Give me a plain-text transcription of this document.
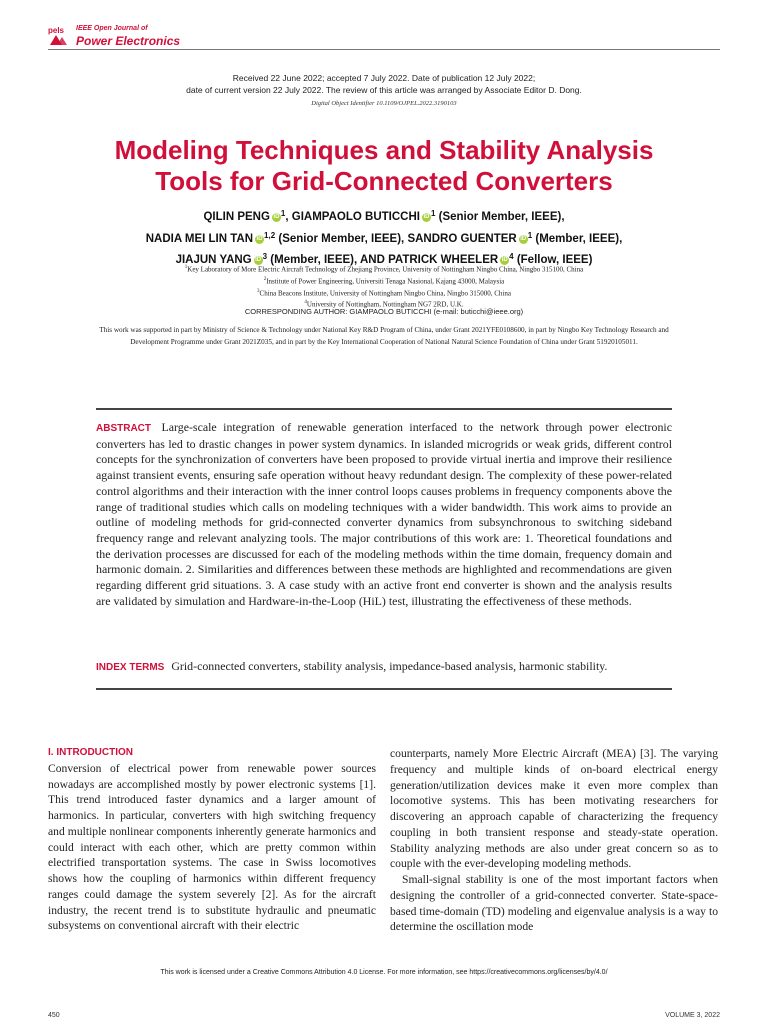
pels IEEE Open Journal of
Power Electronics
Received 22 June 2022; accepted 7 July 2022. Date of publication 12 July 2022;
date of current version 22 July 2022. The review of this article was arranged by Associate Editor D. Dong.
Digital Object Identifier 10.1109/OJPEL.2022.3190103
Modeling Techniques and Stability Analysis
Tools for Grid-Connected Converters
QILIN PENG iD $^1$, GIAMPAOLO BUTICCHI iD $^1$ (Senior Member, IEEE),
NADIA MEI LIN TAN iD $^{1,2}$ (Senior Member, IEEE), SANDRO GUENTER iD $^1$ (Member, IEEE),
JIAJUN YANG iD $^3$ (Member, IEEE), AND PATRICK WHEELER iD $^4$ (Fellow, IEEE)
$^1$Key Laboratory of More Electric Aircraft Technology of Zhejiang Province, University of Nottingham Ningbo China, Ningbo 315100, China
$^2$Institute of Power Engineering, Universiti Tenaga Nasional, Kajang 43000, Malaysia
$^3$China Beacons Institute, University of Nottingham Ningbo China, Ningbo 315000, China
$^4$University of Nottingham, Nottingham NG7 2RD, U.K.
CORRESPONDING AUTHOR: GIAMPAOLO BUTICCHI (e-mail: buticchi@ieee.org)
This work was supported in part by Ministry of Science & Technology under National Key R&D Program of China, under Grant 2021YFE0108600, in part by Ningbo Key Technology Research and Development Programme under Grant 2021Z035, and in part by the Key International Cooperation of National Natural Science Foundation of China under Grant 51920105011.
ABSTRACT Large-scale integration of renewable generation interfaced to the network through power electronic converters has led to drastic changes in power system dynamics. In islanded microgrids or weak grids, different control concepts for the synchronization of converters have been proposed to provide virtual inertia and improve their resilience against transient events, ensuring safe operation without heavy redundant design. The complexity of these power-related control algorithms and their interaction with the inner control loops causes problems in frequency components above the range of traditional studies which calls on modeling techniques with a wider bandwidth. This work aims to provide an outline of modeling methods for grid-connected converter dynamics from subsynchronous to switching sideband frequency range and relevant analyzing tools. The major contributions of this work are: 1. Theoretical foundations and the derivation processes are discussed for each of the modeling methods within the time domain, frequency domain and harmonic domain. 2. Similarities and differences between these methods are highlighted and recommendations are given regarding different grid situations. 3. A case study with an active front end converter is shown and the analysis results are validated by simulation and Hardware-in-the-Loop (HiL) test, illustrating the effectiveness of these methods.
INDEX TERMS Grid-connected converters, stability analysis, impedance-based analysis, harmonic stability.
I. INTRODUCTION

Conversion of electrical power from renewable power sources nowadays are accomplished mostly by power electronic systems [1]. This trend introduced faster dynamics and a larger amount of harmonics. In particular, converters with high switching frequency and multiple nonlinear components inherently generate harmonics and could interact with each other, which are pretty common within electrified transportation systems. The case in Swiss locomotives shows how the coupling of harmonics within different frequency ranges could damage the system severely [2]. As for the aircraft industry, the recent trend is to substitute hydraulic and pneumatic subsystems on conventional aircraft with their electric

counterparts, namely More Electric Aircraft (MEA) [3]. The varying frequency and multiple kinds of on-board electrical energy generation/utilization devices make it even more complex than locomotive systems. This has been motivating researchers for discovering an approach capable of characterizing the frequency coupling in both transient response and steady-state operation. Stability analyzing methods are also under great concern so as to couple with the ever-developing modeling methods.

Small-signal stability is one of the most important factors when designing the controller of a grid-connected converter. State-space-based time-domain (TD) modeling and eigenvalue analysis is a way to determine the oscillation mode

This work is licensed under a Creative Commons Attribution 4.0 License. For more information, see https://creativecommons.org/licenses/by/4.0/
450	VOLUME 3, 2022
